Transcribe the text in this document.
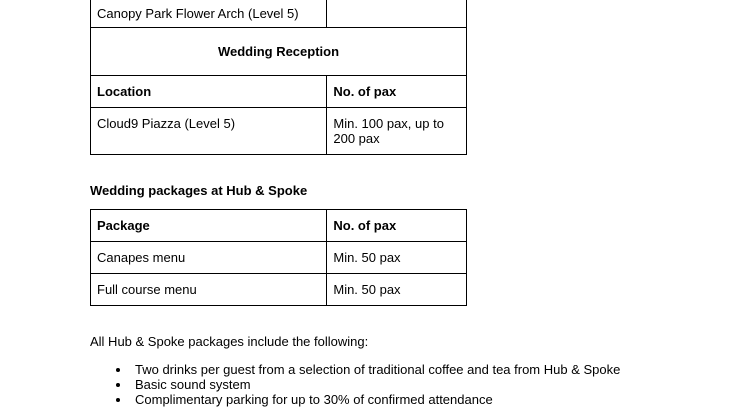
Canopy Park Flower Arch (Level 5)	
Wedding Reception	
Location	No. of pax
Cloud9 Piazza (Level 5)	Min. 100 pax, up to
200 pax
Wedding packages at Hub & Spoke
Package	No. of pax
Canapes menu	Min. 50 pax
Full course menu	Min. 50 pax
All Hub & Spoke packages include the following:
Two drinks per guest from a selection of traditional coffee and tea from Hub & Spoke
Basic sound system
Complimentary parking for up to 30% of confirmed attendance
